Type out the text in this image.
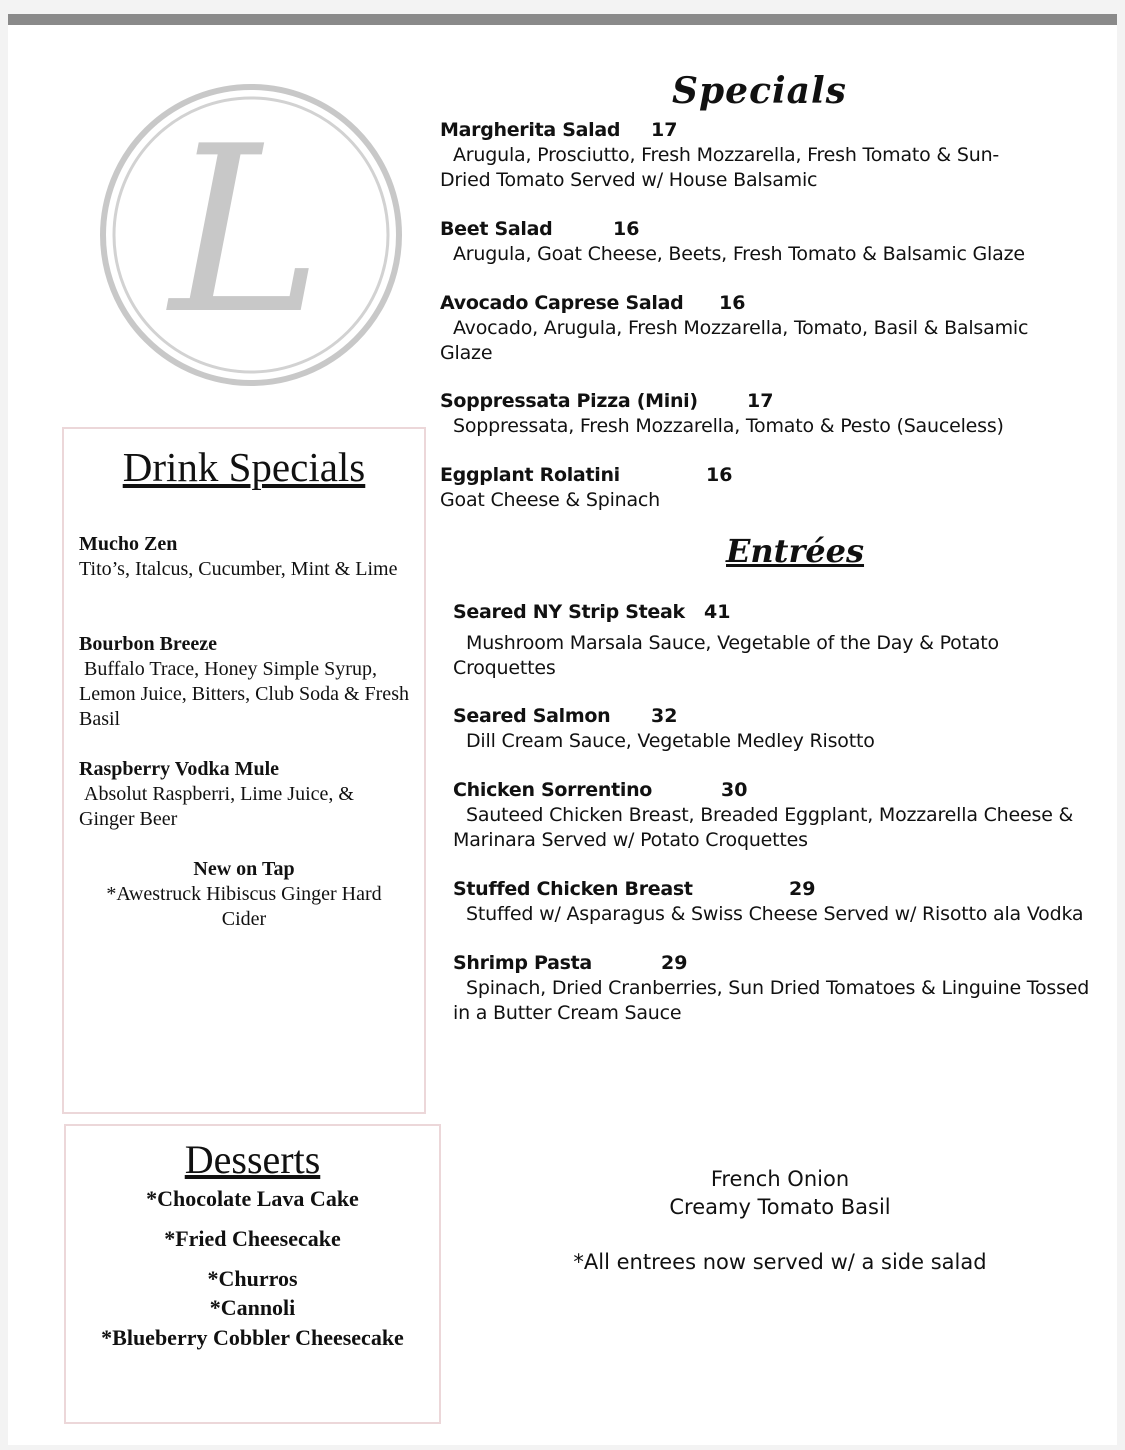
L
Specials
Margherita Salad 17
Arugula, Prosciutto, Fresh Mozzarella, Fresh Tomato & Sun-
Dried Tomato Served w/ House Balsamic
Beet Salad	16
Arugula, Goat Cheese, Beets, Fresh Tomato & Balsamic Glaze
Avocado Caprese Salad 16
Avocado, Arugula, Fresh Mozzarella, Tomato, Basil & Balsamic
Glaze
Soppressata Pizza (Mini)	17
Soppressata, Fresh Mozzarella, Tomato & Pesto (Sauceless)
Eggplant Rolatini	16
Goat Cheese & Spinach
Entrées
Seared NY Strip Steak 41
Mushroom Marsala Sauce, Vegetable of the Day & Potato
Croquettes
Seared Salmon 32
Dill Cream Sauce, Vegetable Medley Risotto
Chicken Sorrentino	30
Sauteed Chicken Breast, Breaded Eggplant, Mozzarella Cheese &
Marinara Served w/ Potato Croquettes
Stuffed Chicken Breast	29
Stuffed w/ Asparagus & Swiss Cheese Served w/ Risotto ala Vodka
Shrimp Pasta	29
Spinach, Dried Cranberries, Sun Dried Tomatoes & Linguine Tossed
in a Butter Cream Sauce
Drink Specials
Mucho Zen
Tito’s, Italcus, Cucumber, Mint & Lime
Bourbon Breeze
Buffalo Trace, Honey Simple Syrup, Lemon Juice, Bitters, Club Soda & Fresh Basil
Raspberry Vodka Mule
Absolut Raspberri, Lime Juice, & Ginger Beer
New on Tap
*Awestruck Hibiscus Ginger Hard Cider
Desserts
*Chocolate Lava Cake
*Fried Cheesecake
*Churros
*Cannoli
*Blueberry Cobbler Cheesecake
French Onion
Creamy Tomato Basil
*All entrees now served w/ a side salad
